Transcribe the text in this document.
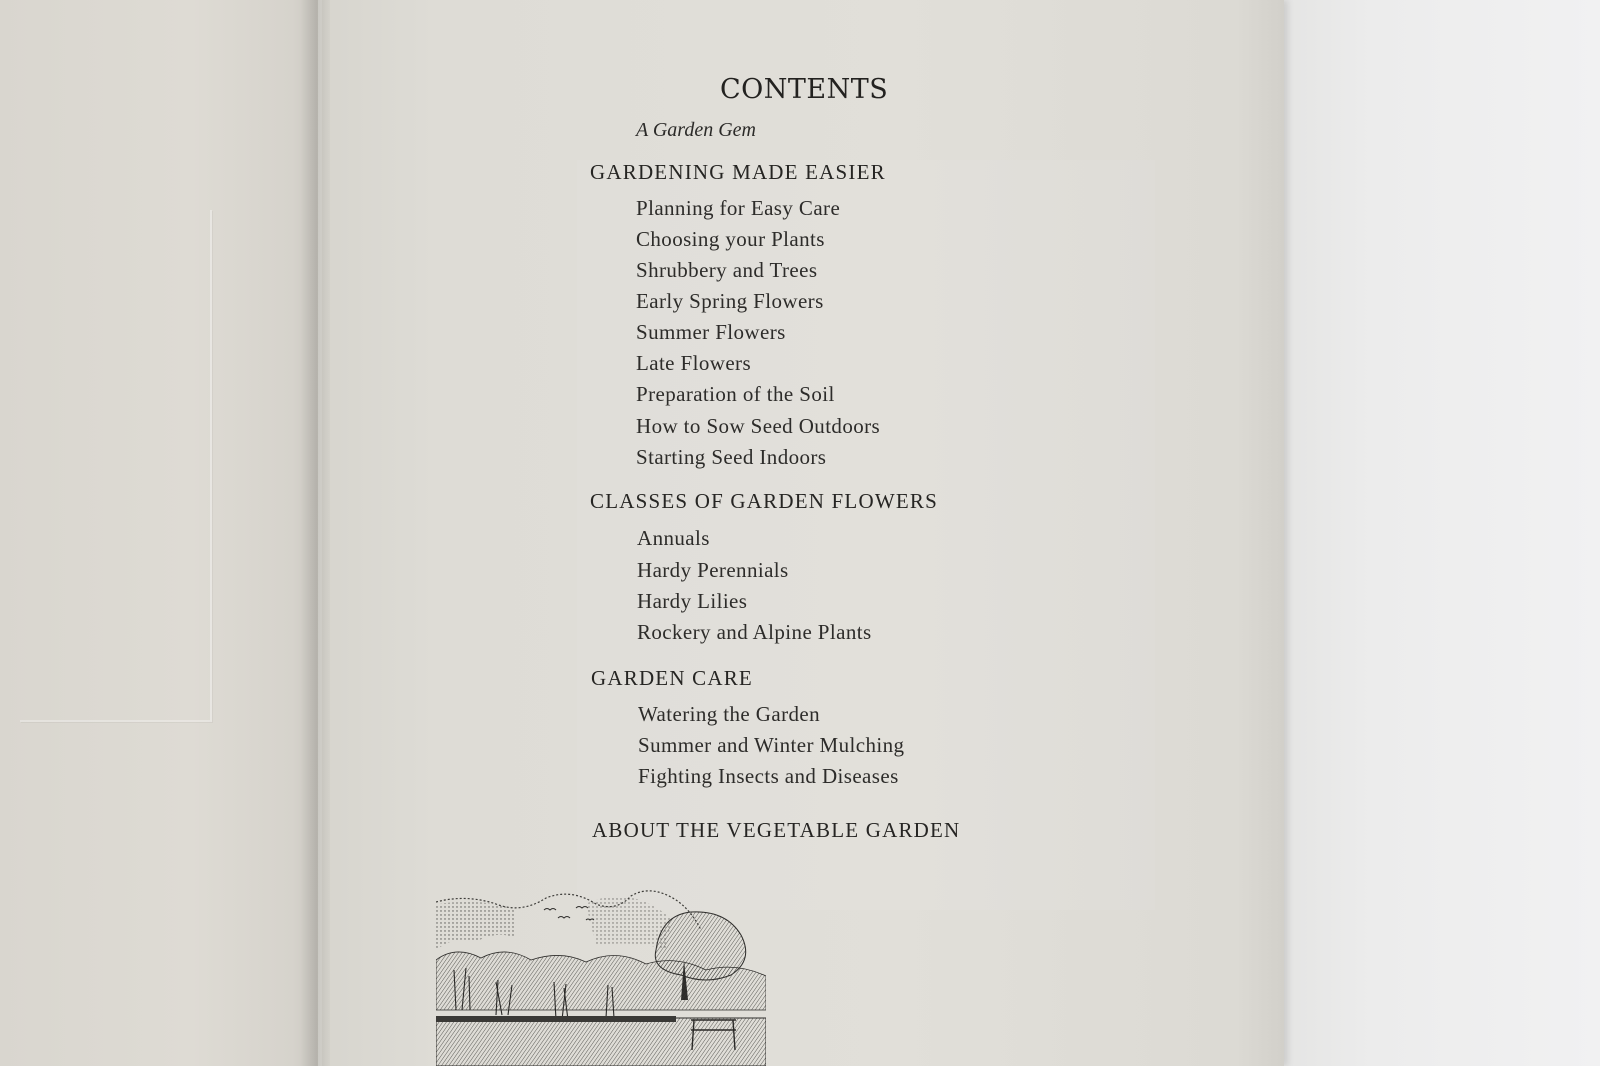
CONTENTS
A Garden Gem
GARDENING MADE EASIER
Planning for Easy Care
Choosing your Plants
Shrubbery and Trees
Early Spring Flowers
Summer Flowers
Late Flowers
Preparation of the Soil
How to Sow Seed Outdoors
Starting Seed Indoors
CLASSES OF GARDEN FLOWERS
Annuals
Hardy Perennials
Hardy Lilies
Rockery and Alpine Plants
GARDEN CARE
Watering the Garden
Summer and Winter Mulching
Fighting Insects and Diseases
ABOUT THE VEGETABLE GARDEN
